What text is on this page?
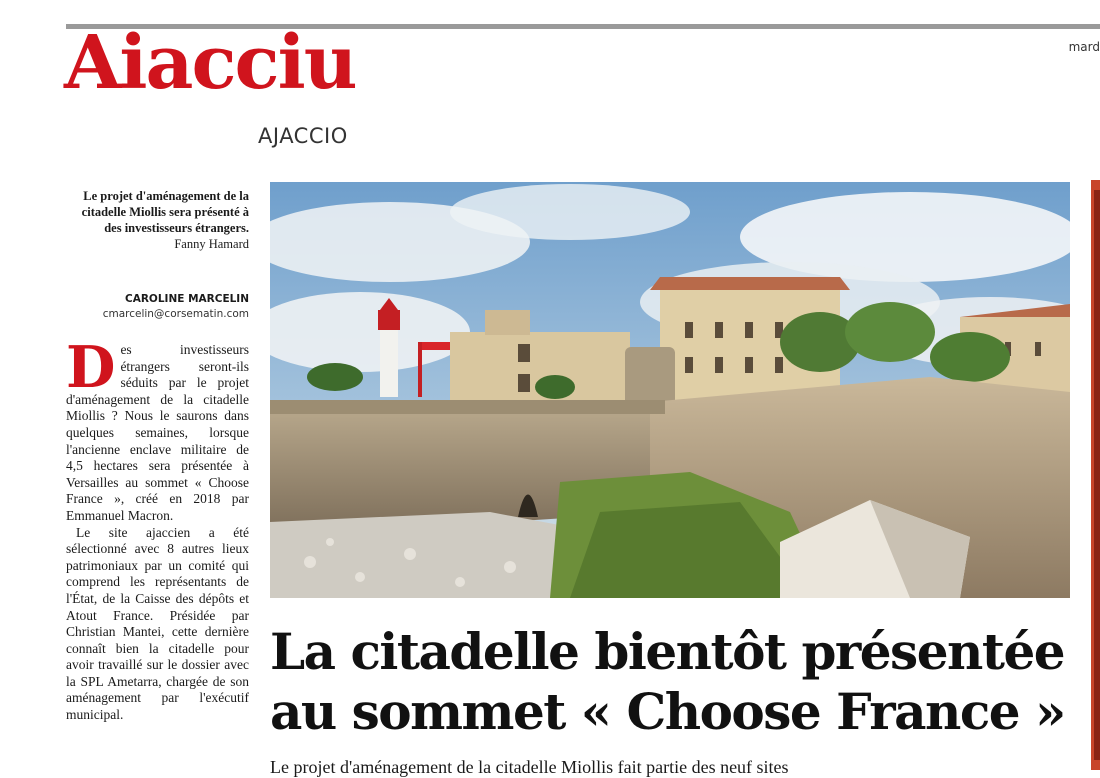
Aiacciu
AJACCIO
mard
Le projet d'aménagement de la citadelle Miollis sera présenté à des investisseurs étrangers.
Fanny Hamard
CAROLINE MARCELIN
cmarcelin@corsematin.com

Des investisseurs étrangers seront-ils séduits par le projet d'aménagement de la citadelle Miollis ? Nous le saurons dans quelques semaines, lorsque l'ancienne enclave militaire de 4,5 hectares sera présentée à Versailles au sommet « Choose France », créé en 2018 par Emmanuel Macron.

Le site ajaccien a été sélectionné avec 8 autres lieux patrimoniaux par un comité qui comprend les représentants de l'État, de la Caisse des dépôts et Atout France. Présidée par Christian Mantei, cette dernière connaît bien la citadelle pour avoir travaillé sur le dossier avec la SPL Ametarra, chargée de son aménagement par l'exécutif municipal.

La citadelle bientôt présentée au sommet « Choose France »
Le projet d'aménagement de la citadelle Miollis fait partie des neuf sites
